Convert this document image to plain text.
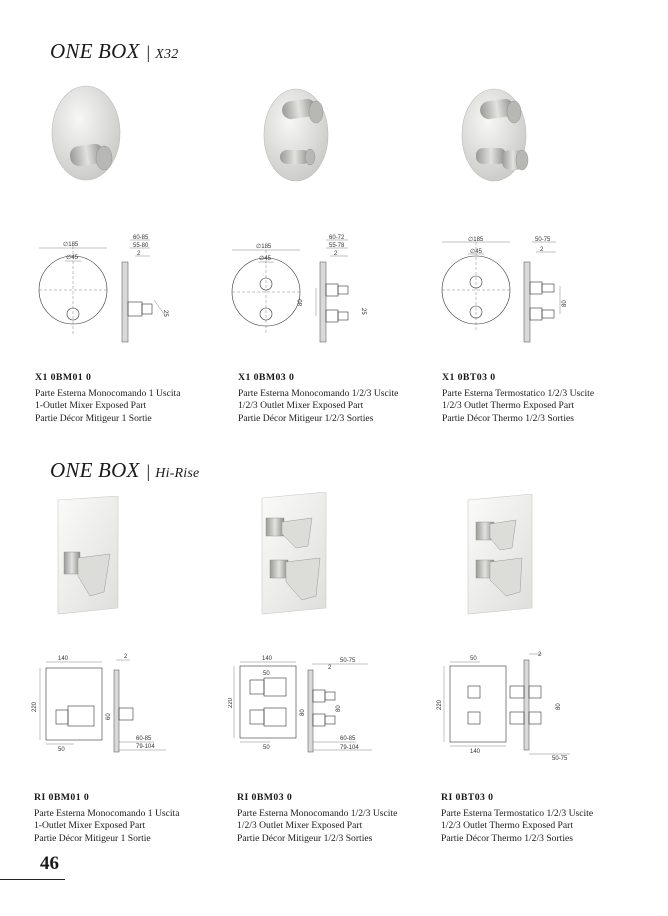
ONE BOX | X32
∅185
∅45
60-85
55-80
2
25
∅185
∅45
60-72
55-78
2
80
25
∅185
∅45
50-75
2
80
X1 0BM01 0
Parte Esterna Monocomando 1 Uscita
1-Outlet Mixer Exposed Part
Partie Décor Mitigeur 1 Sortie
X1 0BM03 0
Parte Esterna Monocomando 1/2/3 Uscite
1/2/3 Outlet Mixer Exposed Part
Partie Décor Mitigeur 1/2/3 Sorties
X1 0BT03 0
Parte Esterna Termostatico 1/2/3 Uscite
1/2/3 Outlet Thermo Exposed Part
Partie Décor Thermo 1/2/3 Sorties
ONE BOX | Hi-Rise
140
220
50
2
60
60-85
79-104
140
220
50
50
2
50-75
80
80
60-85
79-104
50
220
140
2
80
50-75
RI 0BM01 0
Parte Esterna Monocomando 1 Uscita
1-Outlet Mixer Exposed Part
Partie Décor Mitigeur 1 Sortie
RI 0BM03 0
Parte Esterna Monocomando 1/2/3 Uscite
1/2/3 Outlet Mixer Exposed Part
Partie Décor Mitigeur 1/2/3 Sorties
RI 0BT03 0
Parte Esterna Termostatico 1/2/3 Uscite
1/2/3 Outlet Thermo Exposed Part
Partie Décor Thermo 1/2/3 Sorties
46
